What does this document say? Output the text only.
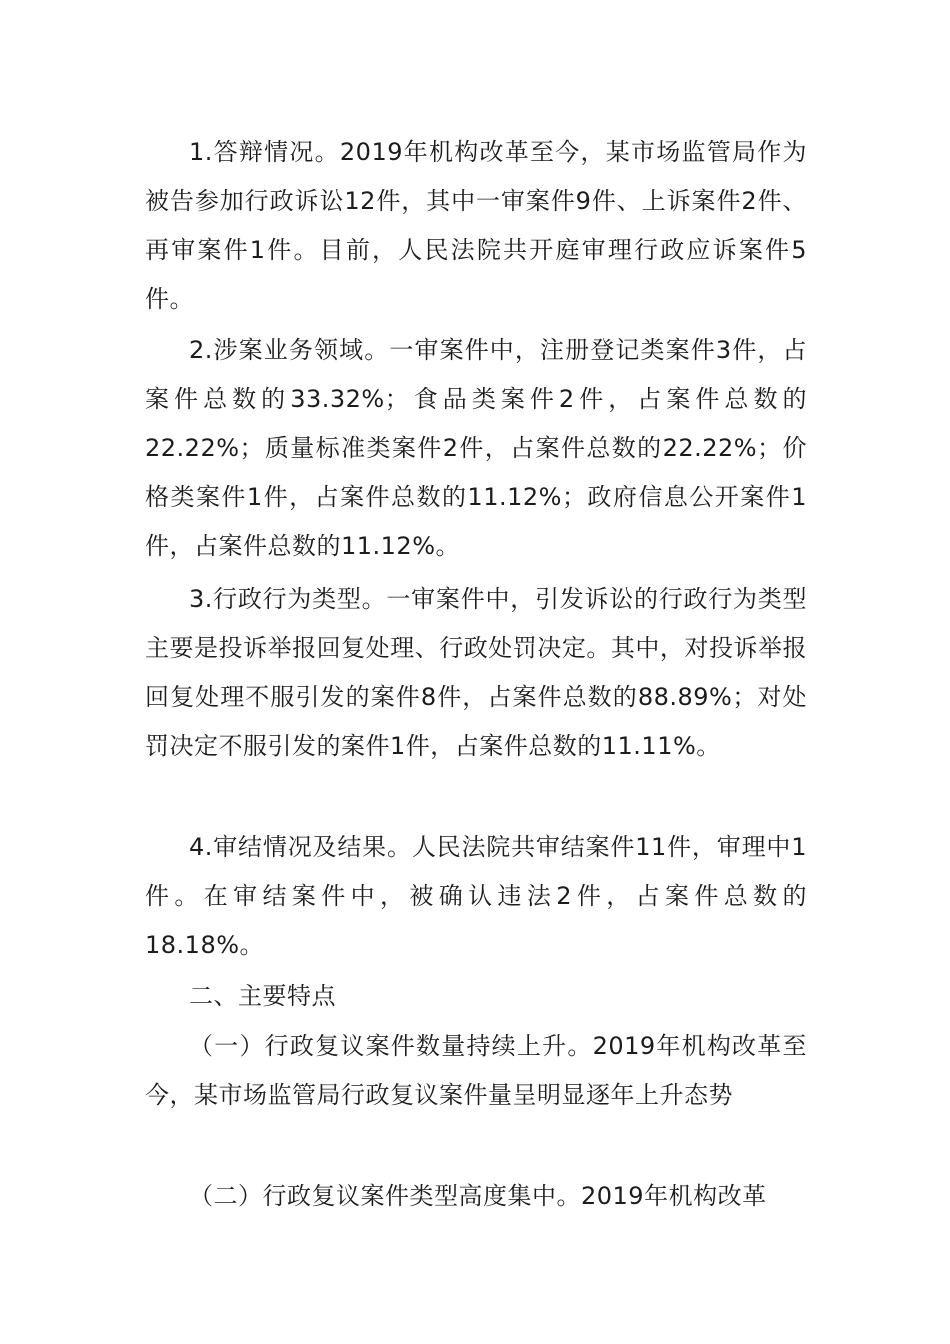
1.答辩情况。2019年机构改革至今，某市场监管局作为被告参加行政诉讼12件，其中一审案件9件、上诉案件2件、再审案件1件。目前，人民法院共开庭审理行政应诉案件5件。

2.涉案业务领域。一审案件中，注册登记类案件3件，占案件总数的33.32%；食品类案件2件，占案件总数的22.22%；质量标准类案件2件，占案件总数的22.22%；价格类案件1件，占案件总数的11.12%；政府信息公开案件1件，占案件总数的11.12%。

3.行政行为类型。一审案件中，引发诉讼的行政行为类型主要是投诉举报回复处理、行政处罚决定。其中，对投诉举报回复处理不服引发的案件8件，占案件总数的88.89%；对处罚决定不服引发的案件1件，占案件总数的11.11%。

4.审结情况及结果。人民法院共审结案件11件，审理中1件。在审结案件中，被确认违法2件，占案件总数的18.18%。

二、主要特点

（一）行政复议案件数量持续上升。2019年机构改革至今，某市场监管局行政复议案件量呈明显逐年上升态势

（二）行政复议案件类型高度集中。2019年机构改革
